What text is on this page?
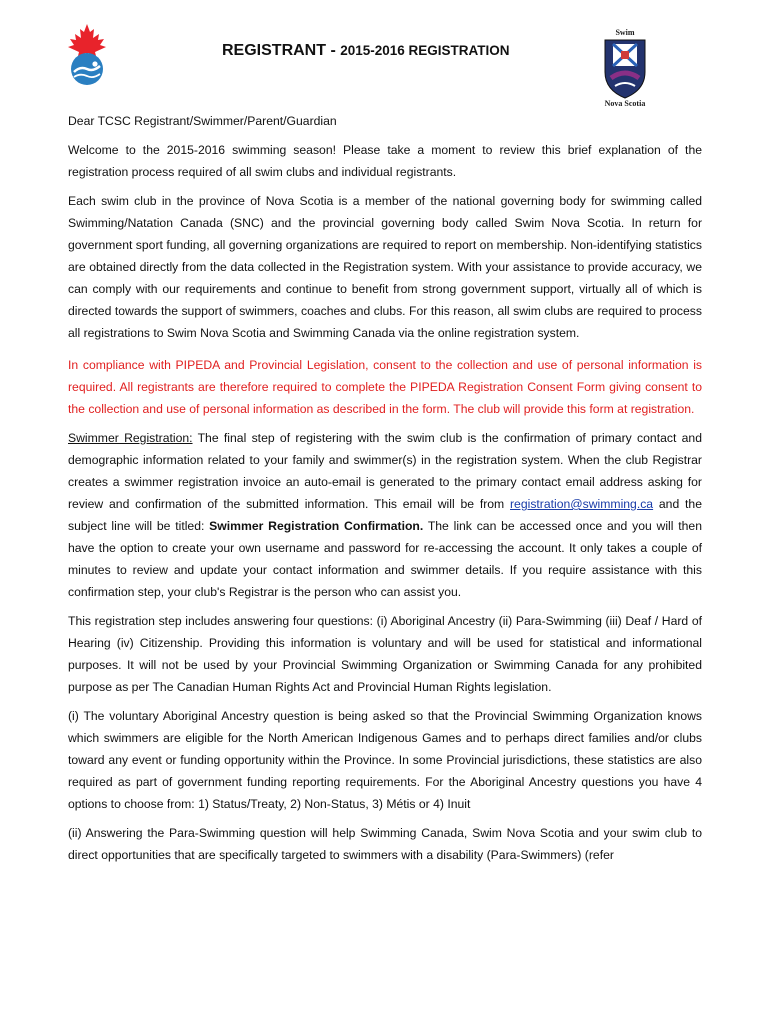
REGISTRANT - 2015-2016 REGISTRATION
Swim
Nova Scotia

Dear TCSC Registrant/Swimmer/Parent/Guardian

Welcome to the 2015-2016 swimming season! Please take a moment to review this brief explanation of the registration process required of all swim clubs and individual registrants.

Each swim club in the province of Nova Scotia is a member of the national governing body for swimming called Swimming/Natation Canada (SNC) and the provincial governing body called Swim Nova Scotia. In return for government sport funding, all governing organizations are required to report on membership. Non-identifying statistics are obtained directly from the data collected in the Registration system. With your assistance to provide accuracy, we can comply with our requirements and continue to benefit from strong government support, virtually all of which is directed towards the support of swimmers, coaches and clubs. For this reason, all swim clubs are required to process all registrations to Swim Nova Scotia and Swimming Canada via the online registration system.

In compliance with PIPEDA and Provincial Legislation, consent to the collection and use of personal information is required. All registrants are therefore required to complete the PIPEDA Registration Consent Form giving consent to the collection and use of personal information as described in the form. The club will provide this form at registration.

Swimmer Registration: The final step of registering with the swim club is the confirmation of primary contact and demographic information related to your family and swimmer(s) in the registration system. When the club Registrar creates a swimmer registration invoice an auto-email is generated to the primary contact email address asking for review and confirmation of the submitted information. This email will be from registration@swimming.ca and the subject line will be titled: Swimmer Registration Confirmation. The link can be accessed once and you will then have the option to create your own username and password for re-accessing the account. It only takes a couple of minutes to review and update your contact information and swimmer details. If you require assistance with this confirmation step, your club's Registrar is the person who can assist you.

This registration step includes answering four questions: (i) Aboriginal Ancestry (ii) Para-Swimming (iii) Deaf / Hard of Hearing (iv) Citizenship. Providing this information is voluntary and will be used for statistical and informational purposes. It will not be used by your Provincial Swimming Organization or Swimming Canada for any prohibited purpose as per The Canadian Human Rights Act and Provincial Human Rights legislation.

(i) The voluntary Aboriginal Ancestry question is being asked so that the Provincial Swimming Organization knows which swimmers are eligible for the North American Indigenous Games and to perhaps direct families and/or clubs toward any event or funding opportunity within the Province. In some Provincial jurisdictions, these statistics are also required as part of government funding reporting requirements. For the Aboriginal Ancestry questions you have 4 options to choose from: 1) Status/Treaty, 2) Non-Status, 3) Métis or 4) Inuit

(ii) Answering the Para-Swimming question will help Swimming Canada, Swim Nova Scotia and your swim club to direct opportunities that are specifically targeted to swimmers with a disability (Para-Swimmers) (refer
